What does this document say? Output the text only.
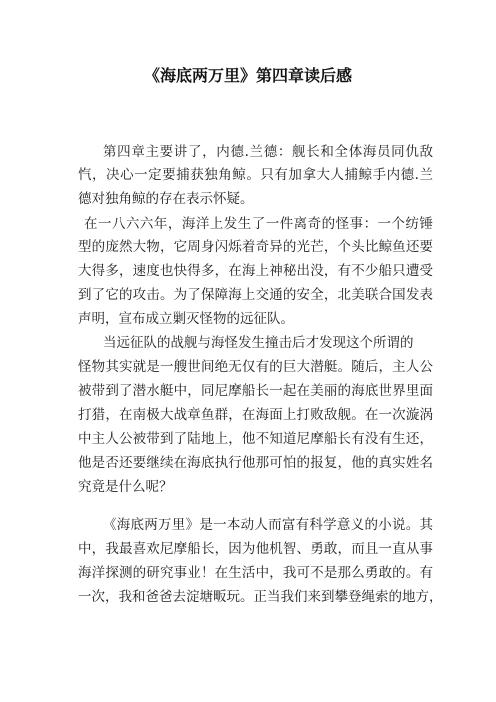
《海底两万里》第四章读后感
第四章主要讲了，内德.兰德：舰长和全体海员同仇敌
忾，决心一定要捕获独角鲸。只有加拿大人捕鲸手内德.兰
德对独角鲸的存在表示怀疑。
在一八六六年，海洋上发生了一件离奇的怪事：一个纺锤
型的庞然大物，它周身闪烁着奇异的光芒，个头比鲸鱼还要
大得多，速度也快得多，在海上神秘出没，有不少船只遭受
到了它的攻击。为了保障海上交通的安全，北美联合国发表
声明，宣布成立剿灭怪物的远征队。
当远征队的战舰与海怪发生撞击后才发现这个所谓的
怪物其实就是一艘世间绝无仅有的巨大潜艇。随后，主人公
被带到了潜水艇中，同尼摩船长一起在美丽的海底世界里面
打猎，在南极大战章鱼群，在海面上打败敌舰。在一次漩涡
中主人公被带到了陆地上，他不知道尼摩船长有没有生还，
他是否还要继续在海底执行他那可怕的报复，他的真实姓名
究竟是什么呢？
《海底两万里》是一本动人而富有科学意义的小说。其
中，我最喜欢尼摩船长，因为他机智、勇敢，而且一直从事
海洋探测的研究事业！在生活中，我可不是那么勇敢的。有
一次，我和爸爸去淀塘畈玩。正当我们来到攀登绳索的地方，
